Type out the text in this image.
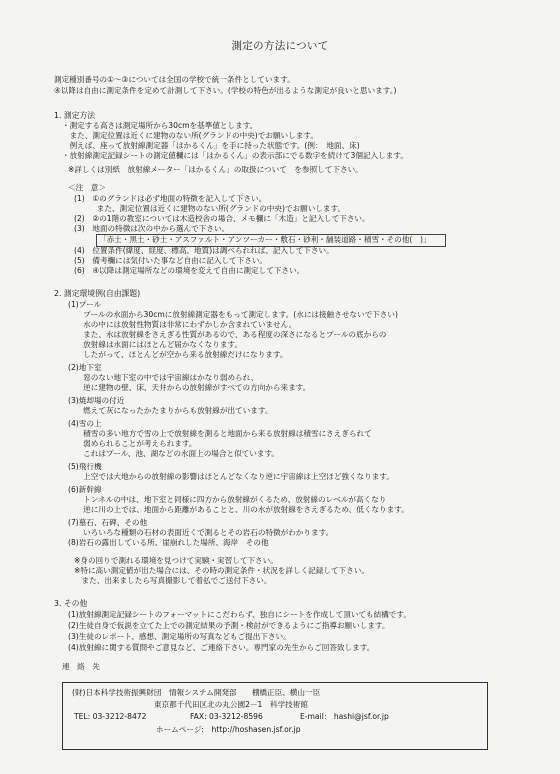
測定の方法について
測定種別番号の①～③については全国の学校で統一条件としています。
④以降は自由に測定条件を定めて計測して下さい。(学校の特色が出るような測定が良いと思います。)
1. 測定方法
・測定する高さは測定場所から30cmを基準値とします。
　また、測定位置は近くに建物のない所(グランドの中央)でお願いします。
　例えば、座って放射線測定器「はかるくん」を手に持った状態です。(例：　地面、床)
・放射線測定記録シートの測定値欄には「はかるくん」の表示部にでる数字を続けて3個記入します。
※詳しくは別紙　放射線メーター「はかるくん」の取扱について　を参照して下さい。
＜注　意＞
(1)　①のグランドは必ず地面の特徴を記入して下さい。
　　　また、測定位置は近くに建物のない所(グランドの中央)でお願いします。
(2)　②の1階の教室については木造校舎の場合、メモ欄に「木造」と記入して下さい。
(3)　地面の特徴は次の中から選んで下さい。
「赤土・黒土・砂土・アスファルト・アンツーカー・敷石・砂利・舗装道路・積雪・その他(　)」
(4)　位置条件(緯度、経度、標高、地質)は調べられれば、記入して下さい。
(5)　備考欄には気付いた事など自由に記入して下さい。
(6)　④以降は測定場所などの環境を変えて自由に測定して下さい。
2. 測定環境例(自由課題)
(1)プール
　　プールの水面から30cmに放射線測定器をもって測定します。(水には接触させないで下さい)
　　水の中には放射性物質は非常にわずかしか含まれていません。
　　また、水は放射線をさえぎる性質があるので、ある程度の深さになるとプールの底からの
　　放射線は水面にはほとんど届かなくなります。
　　したがって、ほとんどが空から来る放射線だけになります。
(2)地下室
　　窓のない地下室の中では宇宙線はかなり弱められ、
　　逆に建物の壁、床、天井からの放射線がすべての方向から来ます。
(3)焼却場の付近
　　燃えて灰になったかたまりからも放射線が出ています。
(4)雪の上
　　積雪の多い地方で雪の上で放射線を測ると地面から来る放射線は積雪にさえぎられて
　　弱められることが考えられます。
　　これはプール、池、湖などの水面上の場合と似ています。
(5)飛行機
　　上空では大地からの放射線の影響はほとんどなくなり逆に宇宙線は上空ほど強くなります。
(6)新幹線
　　トンネルの中は、地下室と同様に四方から放射線がくるため、放射線のレベルが高くなり
　　逆に川の上では、地面から距離があることと、川の水が放射線をさえぎるため、低くなります。
(7)墓石、石碑、その他
　　いろいろな種類の石材の表面近くで測るとその岩石の特徴がわかります。
(8)岩石の露出している所、崖崩れした場所、海岸　その他
※身の回りで測れる環境を見つけて実験・実習して下さい。
※特に高い測定値が出た場合には、その時の測定条件・状況を詳しく記録して下さい。
　また、出来ましたら写真撮影して着払でご送付下さい。
3. その他
(1)放射線測定記録シートのフォーマットにこだわらず、独自にシートを作成して頂いても結構です。
(2)生徒自身で仮説を立てた上での測定結果の予測・検討ができるようにご指導お願いします。
(3)生徒のレポート、感想、測定場所の写真などもご提出下さい。
(4)放射線に関する質問やご意見など、ご連絡下さい。専門家の先生からご回答致します。
連　絡　先
(財)日本科学技術振興財団　情報システム開発部　　棚橋正臣、横山一臣
東京都千代田区北の丸公園2－1　科学技術館
TEL: 03-3212-8472	FAX: 03-3212-8596	E-mail： hashi@jsf.or.jp
ホームページ:　http://hoshasen.jsf.or.jp
